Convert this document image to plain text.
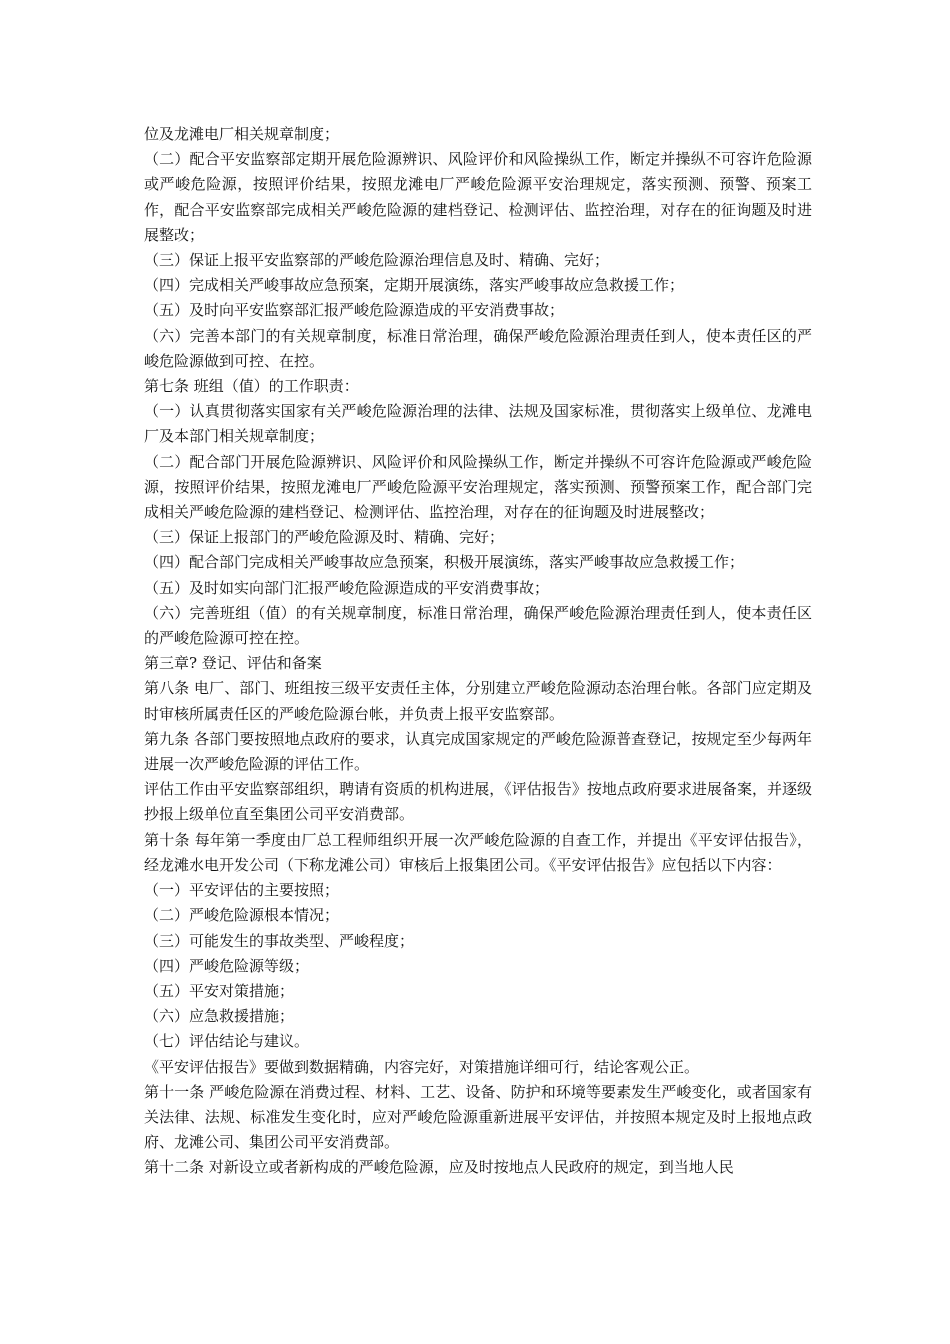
位及龙滩电厂相关规章制度；

（二）配合平安监察部定期开展危险源辨识、风险评价和风险操纵工作，断定并操纵不可容许危险源或严峻危险源，按照评价结果，按照龙滩电厂严峻危险源平安治理规定，落实预测、预警、预案工作，配合平安监察部完成相关严峻危险源的建档登记、检测评估、监控治理，对存在的征询题及时进展整改；

（三）保证上报平安监察部的严峻危险源治理信息及时、精确、完好；

（四）完成相关严峻事故应急预案，定期开展演练，落实严峻事故应急救援工作；

（五）及时向平安监察部汇报严峻危险源造成的平安消费事故；

（六）完善本部门的有关规章制度，标准日常治理，确保严峻危险源治理责任到人，使本责任区的严峻危险源做到可控、在控。

第七条 班组（值）的工作职责：

（一）认真贯彻落实国家有关严峻危险源治理的法律、法规及国家标准，贯彻落实上级单位、龙滩电厂及本部门相关规章制度；

（二）配合部门开展危险源辨识、风险评价和风险操纵工作，断定并操纵不可容许危险源或严峻危险源，按照评价结果，按照龙滩电厂严峻危险源平安治理规定，落实预测、预警预案工作，配合部门完成相关严峻危险源的建档登记、检测评估、监控治理，对存在的征询题及时进展整改；

（三）保证上报部门的严峻危险源及时、精确、完好；

（四）配合部门完成相关严峻事故应急预案，积极开展演练，落实严峻事故应急救援工作；

（五）及时如实向部门汇报严峻危险源造成的平安消费事故；

（六）完善班组（值）的有关规章制度，标准日常治理，确保严峻危险源治理责任到人，使本责任区的严峻危险源可控在控。

第三章? 登记、评估和备案

第八条 电厂、部门、班组按三级平安责任主体，分别建立严峻危险源动态治理台帐。各部门应定期及时审核所属责任区的严峻危险源台帐，并负责上报平安监察部。

第九条 各部门要按照地点政府的要求，认真完成国家规定的严峻危险源普查登记，按规定至少每两年进展一次严峻危险源的评估工作。

评估工作由平安监察部组织，聘请有资质的机构进展，《评估报告》按地点政府要求进展备案，并逐级抄报上级单位直至集团公司平安消费部。

第十条 每年第一季度由厂总工程师组织开展一次严峻危险源的自查工作，并提出《平安评估报告》，经龙滩水电开发公司（下称龙滩公司）审核后上报集团公司。《平安评估报告》应包括以下内容：

（一）平安评估的主要按照；

（二）严峻危险源根本情况；

（三）可能发生的事故类型、严峻程度；

（四）严峻危险源等级；

（五）平安对策措施；

（六）应急救援措施；

（七）评估结论与建议。

《平安评估报告》要做到数据精确，内容完好，对策措施详细可行，结论客观公正。

第十一条 严峻危险源在消费过程、材料、工艺、设备、防护和环境等要素发生严峻变化，或者国家有关法律、法规、标准发生变化时，应对严峻危险源重新进展平安评估，并按照本规定及时上报地点政府、龙滩公司、集团公司平安消费部。

第十二条 对新设立或者新构成的严峻危险源，应及时按地点人民政府的规定，到当地人民
